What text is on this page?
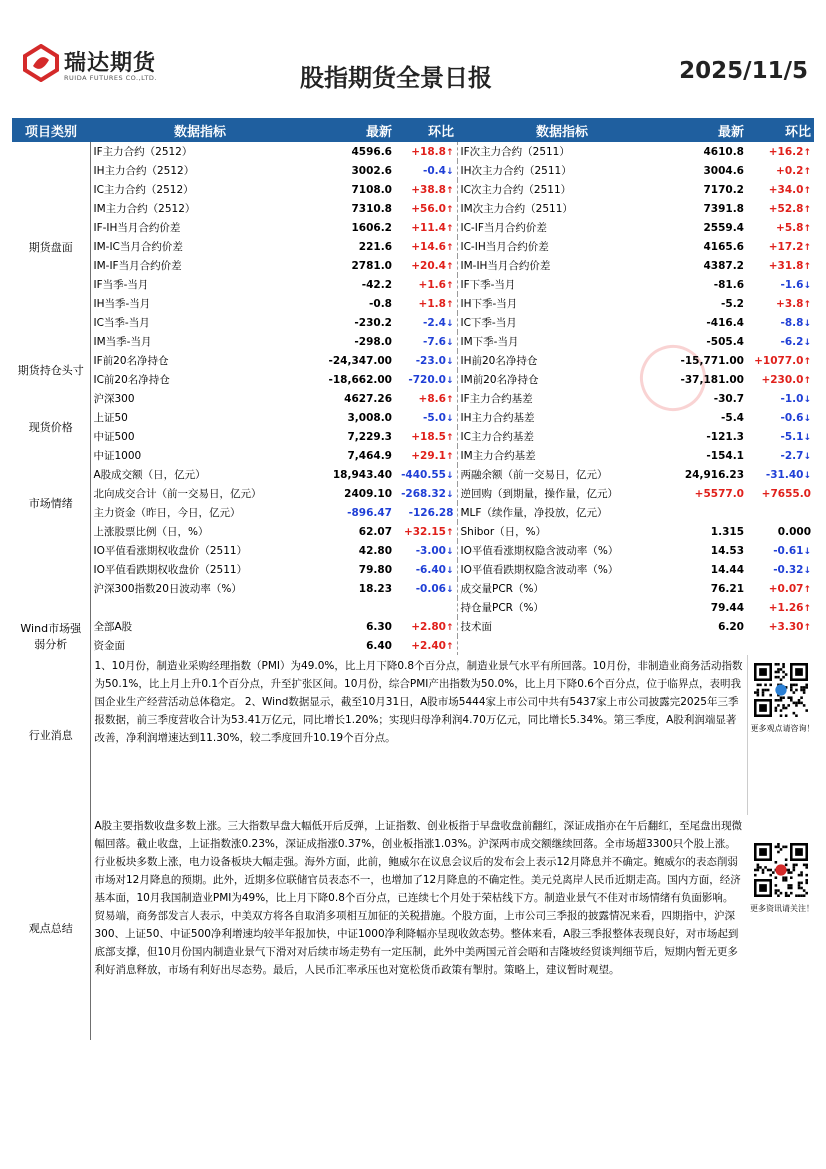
瑞达期货
RUIDA FUTURES CO.,LTD.	股指期货全景日报	2025/11/5
项目类别	数据指标	最新	环比	数据指标	最新	环比
期货盘面	IF主力合约（2512）	4596.6	+18.8↑	IF次主力合约（2511）	4610.8	+16.2↑
	IH主力合约（2512）	3002.6	-0.4↓	IH次主力合约（2511）	3004.6	+0.2↑
	IC主力合约（2512）	7108.0	+38.8↑	IC次主力合约（2511）	7170.2	+34.0↑
	IM主力合约（2512）	7310.8	+56.0↑	IM次主力合约（2511）	7391.8	+52.8↑
	IF-IH当月合约价差	1606.2	+11.4↑	IC-IF当月合约价差	2559.4	+5.8↑
	IM-IC当月合约价差	221.6	+14.6↑	IC-IH当月合约价差	4165.6	+17.2↑
	IM-IF当月合约价差	2781.0	+20.4↑	IM-IH当月合约价差	4387.2	+31.8↑
	IF当季-当月	-42.2	+1.6↑	IF下季-当月	-81.6	-1.6↓
	IH当季-当月	-0.8	+1.8↑	IH下季-当月	-5.2	+3.8↑
	IC当季-当月	-230.2	-2.4↓	IC下季-当月	-416.4	-8.8↓
	IM当季-当月	-298.0	-7.6↓	IM下季-当月	-505.4	-6.2↓
期货持仓头寸	IF前20名净持仓	-24,347.00	-23.0↓	IH前20名净持仓	-15,771.00	+1077.0↑
	IC前20名净持仓	-18,662.00	-720.0↓	IM前20名净持仓	-37,181.00	+230.0↑
现货价格	沪深300	4627.26	+8.6↑	IF主力合约基差	-30.7	-1.0↓
	上证50	3,008.0	-5.0↓	IH主力合约基差	-5.4	-0.6↓
	中证500	7,229.3	+18.5↑	IC主力合约基差	-121.3	-5.1↓
	中证1000	7,464.9	+29.1↑	IM主力合约基差	-154.1	-2.7↓
市场情绪	A股成交额（日，亿元）	18,943.40	-440.55↓	两融余额（前一交易日，亿元）	24,916.23	-31.40↓
	北向成交合计（前一交易日，亿元）	2409.10	-268.32↓	逆回购（到期量，操作量，亿元）	+5577.0	+7655.0
	主力资金（昨日，今日，亿元）	-896.47	-126.28	MLF（续作量，净投放，亿元）		
	上涨股票比例（日，%）	62.07	+32.15↑	Shibor（日，%）	1.315	0.000
	IO平值看涨期权收盘价（2511）	42.80	-3.00↓	IO平值看涨期权隐含波动率（%）	14.53	-0.61↓
	IO平值看跌期权收盘价（2511）	79.80	-6.40↓	IO平值看跌期权隐含波动率（%）	14.44	-0.32↓
	沪深300指数20日波动率（%）	18.23	-0.06↓	成交量PCR（%）	76.21	+0.07↑
				持仓量PCR（%）	79.44	+1.26↑
Wind市场强弱分析	全部A股	6.30	+2.80↑	技术面	6.20	+3.30↑
	资金面	6.40	+2.40↑			
行业消息	1、10月份，制造业采购经理指数（PMI）为49.0%，比上月下降0.8个百分点，制造业景气水平有所回落。10月份，非制造业商务活动指数为50.1%，比上月上升0.1个百分点，升至扩张区间。10月份，综合PMI产出指数为50.0%，比上月下降0.6个百分点，位于临界点，表明我国企业生产经营活动总体稳定。 2、Wind数据显示，截至10月31日，A股市场5444家上市公司中共有5437家上市公司披露完2025年三季报数据，前三季度营收合计为53.41万亿元，同比增长1.20%；实现归母净利润4.70万亿元，同比增长5.34%。第三季度，A股利润端显著改善，净利润增速达到11.30%，较二季度回升10.19个百分点。					更多观点请咨询！

观点总结	A股主要指数收盘多数上涨。三大指数早盘大幅低开后反弹，上证指数、创业板指于早盘收盘前翻红，深证成指亦在午后翻红，至尾盘出现微幅回落。截止收盘，上证指数涨0.23%，深证成指涨0.37%，创业板指涨1.03%。沪深两市成交额继续回落。全市场超3300只个股上涨。行业板块多数上涨，电力设备板块大幅走强。海外方面，此前，鲍威尔在议息会议后的发布会上表示12月降息并不确定。鲍威尔的表态削弱市场对12月降息的预期。此外，近期多位联储官员表态不一，也增加了12月降息的不确定性。美元兑离岸人民币近期走高。国内方面，经济基本面，10月我国制造业PMI为49%，比上月下降0.8个百分点，已连续七个月处于荣枯线下方。制造业景气不佳对市场情绪有负面影响。贸易端，商务部发言人表示，中美双方将各自取消多项相互加征的关税措施。个股方面，上市公司三季报的披露情况来看，四期指中，沪深300、上证50、中证500净利增速均较半年报加快，中证1000净利降幅亦呈现收敛态势。整体来看，A股三季报整体表现良好，对市场起到底部支撑，但10月份国内制造业景气下滑对对后续市场走势有一定压制，此外中美两国元首会晤和吉隆坡经贸谈判细节后，短期内暂无更多利好消息释放，市场有利好出尽态势。最后，人民币汇率承压也对宽松货币政策有掣肘。策略上，建议暂时观望。					更多资讯请关注！
